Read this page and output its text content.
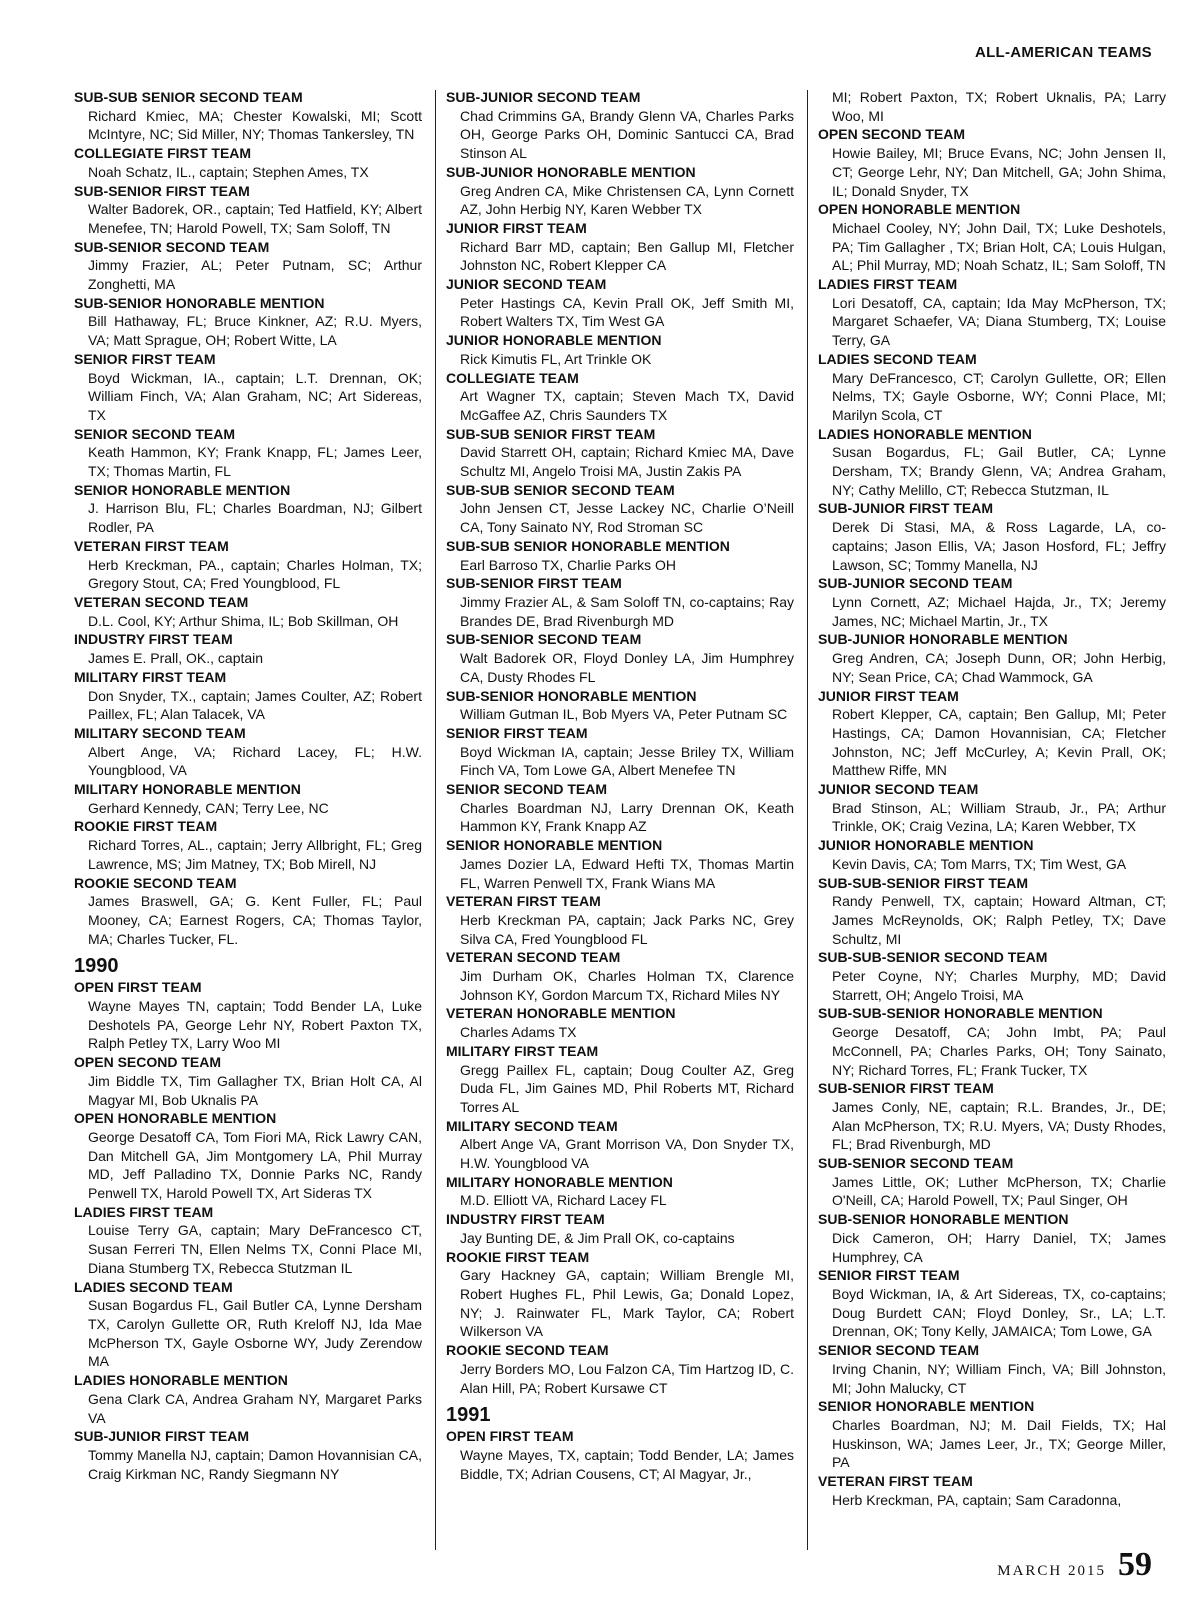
ALL-AMERICAN TEAMS
SUB-SUB SENIOR SECOND TEAM
Richard Kmiec, MA; Chester Kowalski, MI; Scott McIntyre, NC; Sid Miller, NY; Thomas Tankersley, TN
COLLEGIATE FIRST TEAM
Noah Schatz, IL., captain; Stephen Ames, TX
SUB-SENIOR FIRST TEAM
Walter Badorek, OR., captain; Ted Hatfield, KY; Albert Menefee, TN; Harold Powell, TX; Sam Soloff, TN
SUB-SENIOR SECOND TEAM
Jimmy Frazier, AL; Peter Putnam, SC; Arthur Zonghetti, MA
SUB-SENIOR HONORABLE MENTION
Bill Hathaway, FL; Bruce Kinkner, AZ; R.U. Myers, VA; Matt Sprague, OH; Robert Witte, LA
SENIOR FIRST TEAM
Boyd Wickman, IA., captain; L.T. Drennan, OK; William Finch, VA; Alan Graham, NC; Art Sidereas, TX
SENIOR SECOND TEAM
Keath Hammon, KY; Frank Knapp, FL; James Leer, TX; Thomas Martin, FL
SENIOR HONORABLE MENTION
J. Harrison Blu, FL; Charles Boardman, NJ; Gilbert Rodler, PA
VETERAN FIRST TEAM
Herb Kreckman, PA., captain; Charles Holman, TX; Gregory Stout, CA; Fred Youngblood, FL
VETERAN SECOND TEAM
D.L. Cool, KY; Arthur Shima, IL; Bob Skillman, OH
INDUSTRY FIRST TEAM
James E. Prall, OK., captain
MILITARY FIRST TEAM
Don Snyder, TX., captain; James Coulter, AZ; Robert Paillex, FL; Alan Talacek, VA
MILITARY SECOND TEAM
Albert Ange, VA; Richard Lacey, FL; H.W. Youngblood, VA
MILITARY HONORABLE MENTION
Gerhard Kennedy, CAN; Terry Lee, NC
ROOKIE FIRST TEAM
Richard Torres, AL., captain; Jerry Allbright, FL; Greg Lawrence, MS; Jim Matney, TX; Bob Mirell, NJ
ROOKIE SECOND TEAM
James Braswell, GA; G. Kent Fuller, FL; Paul Mooney, CA; Earnest Rogers, CA; Thomas Taylor, MA; Charles Tucker, FL.
1990
OPEN FIRST TEAM
Wayne Mayes TN, captain; Todd Bender LA, Luke Deshotels PA, George Lehr NY, Robert Paxton TX, Ralph Petley TX, Larry Woo MI
OPEN SECOND TEAM
Jim Biddle TX, Tim Gallagher TX, Brian Holt CA, Al Magyar MI, Bob Uknalis PA
OPEN HONORABLE MENTION
George Desatoff CA, Tom Fiori MA, Rick Lawry CAN, Dan Mitchell GA, Jim Montgomery LA, Phil Murray MD, Jeff Palladino TX, Donnie Parks NC, Randy Penwell TX, Harold Powell TX, Art Sideras TX
LADIES FIRST TEAM
Louise Terry GA, captain; Mary DeFrancesco CT, Susan Ferreri TN, Ellen Nelms TX, Conni Place MI, Diana Stumberg TX, Rebecca Stutzman IL
LADIES SECOND TEAM
Susan Bogardus FL, Gail Butler CA, Lynne Dersham TX, Carolyn Gullette OR, Ruth Kreloff NJ, Ida Mae McPherson TX, Gayle Osborne WY, Judy Zerendow MA
LADIES HONORABLE MENTION
Gena Clark CA, Andrea Graham NY, Margaret Parks VA
SUB-JUNIOR FIRST TEAM
Tommy Manella NJ, captain; Damon Hovannisian CA, Craig Kirkman NC, Randy Siegmann NY
SUB-JUNIOR SECOND TEAM
Chad Crimmins GA, Brandy Glenn VA, Charles Parks OH, George Parks OH, Dominic Santucci CA, Brad Stinson AL
SUB-JUNIOR HONORABLE MENTION
Greg Andren CA, Mike Christensen CA, Lynn Cornett AZ, John Herbig NY, Karen Webber TX
JUNIOR FIRST TEAM
Richard Barr MD, captain; Ben Gallup MI, Fletcher Johnston NC, Robert Klepper CA
JUNIOR SECOND TEAM
Peter Hastings CA, Kevin Prall OK, Jeff Smith MI, Robert Walters TX, Tim West GA
JUNIOR HONORABLE MENTION
Rick Kimutis FL, Art Trinkle OK
COLLEGIATE TEAM
Art Wagner TX, captain; Steven Mach TX, David McGaffee AZ, Chris Saunders TX
SUB-SUB SENIOR FIRST TEAM
David Starrett OH, captain; Richard Kmiec MA, Dave Schultz MI, Angelo Troisi MA, Justin Zakis PA
SUB-SUB SENIOR SECOND TEAM
John Jensen CT, Jesse Lackey NC, Charlie O’Neill CA, Tony Sainato NY, Rod Stroman SC
SUB-SUB SENIOR HONORABLE MENTION
Earl Barroso TX, Charlie Parks OH
SUB-SENIOR FIRST TEAM
Jimmy Frazier AL, & Sam Soloff TN, co-captains; Ray Brandes DE, Brad Rivenburgh MD
SUB-SENIOR SECOND TEAM
Walt Badorek OR, Floyd Donley LA, Jim Humphrey CA, Dusty Rhodes FL
SUB-SENIOR HONORABLE MENTION
William Gutman IL, Bob Myers VA, Peter Putnam SC
SENIOR FIRST TEAM
Boyd Wickman IA, captain; Jesse Briley TX, William Finch VA, Tom Lowe GA, Albert Menefee TN
SENIOR SECOND TEAM
Charles Boardman NJ, Larry Drennan OK, Keath Hammon KY, Frank Knapp AZ
SENIOR HONORABLE MENTION
James Dozier LA, Edward Hefti TX, Thomas Martin FL, Warren Penwell TX, Frank Wians MA
VETERAN FIRST TEAM
Herb Kreckman PA, captain; Jack Parks NC, Grey Silva CA, Fred Youngblood FL
VETERAN SECOND TEAM
Jim Durham OK, Charles Holman TX, Clarence Johnson KY, Gordon Marcum TX, Richard Miles NY
VETERAN HONORABLE MENTION
Charles Adams TX
MILITARY FIRST TEAM
Gregg Paillex FL, captain; Doug Coulter AZ, Greg Duda FL, Jim Gaines MD, Phil Roberts MT, Richard Torres AL
MILITARY SECOND TEAM
Albert Ange VA, Grant Morrison VA, Don Snyder TX, H.W. Youngblood VA
MILITARY HONORABLE MENTION
M.D. Elliott VA, Richard Lacey FL
INDUSTRY FIRST TEAM
Jay Bunting DE, & Jim Prall OK, co-captains
ROOKIE FIRST TEAM
Gary Hackney GA, captain; William Brengle MI, Robert Hughes FL, Phil Lewis, Ga; Donald Lopez, NY; J. Rainwater FL, Mark Taylor, CA; Robert Wilkerson VA
ROOKIE SECOND TEAM
Jerry Borders MO, Lou Falzon CA, Tim Hartzog ID, C. Alan Hill, PA; Robert Kursawe CT
1991
OPEN FIRST TEAM
Wayne Mayes, TX, captain; Todd Bender, LA; James Biddle, TX; Adrian Cousens, CT; Al Magyar, Jr.,
MI; Robert Paxton, TX; Robert Uknalis, PA; Larry Woo, MI
OPEN SECOND TEAM
Howie Bailey, MI; Bruce Evans, NC; John Jensen II, CT; George Lehr, NY; Dan Mitchell, GA; John Shima, IL; Donald Snyder, TX
OPEN HONORABLE MENTION
Michael Cooley, NY; John Dail, TX; Luke Deshotels, PA; Tim Gallagher , TX; Brian Holt, CA; Louis Hulgan, AL; Phil Murray, MD; Noah Schatz, IL; Sam Soloff, TN
LADIES FIRST TEAM
Lori Desatoff, CA, captain; Ida May McPherson, TX; Margaret Schaefer, VA; Diana Stumberg, TX; Louise Terry, GA
LADIES SECOND TEAM
Mary DeFrancesco, CT; Carolyn Gullette, OR; Ellen Nelms, TX; Gayle Osborne, WY; Conni Place, MI; Marilyn Scola, CT
LADIES HONORABLE MENTION
Susan Bogardus, FL; Gail Butler, CA; Lynne Dersham, TX; Brandy Glenn, VA; Andrea Graham, NY; Cathy Melillo, CT; Rebecca Stutzman, IL
SUB-JUNIOR FIRST TEAM
Derek Di Stasi, MA, & Ross Lagarde, LA, co-captains; Jason Ellis, VA; Jason Hosford, FL; Jeffry Lawson, SC; Tommy Manella, NJ
SUB-JUNIOR SECOND TEAM
Lynn Cornett, AZ; Michael Hajda, Jr., TX; Jeremy James, NC; Michael Martin, Jr., TX
SUB-JUNIOR HONORABLE MENTION
Greg Andren, CA; Joseph Dunn, OR; John Herbig, NY; Sean Price, CA; Chad Wammock, GA
JUNIOR FIRST TEAM
Robert Klepper, CA, captain; Ben Gallup, MI; Peter Hastings, CA; Damon Hovannisian, CA; Fletcher Johnston, NC; Jeff McCurley, A; Kevin Prall, OK; Matthew Riffe, MN
JUNIOR SECOND TEAM
Brad Stinson, AL; William Straub, Jr., PA; Arthur Trinkle, OK; Craig Vezina, LA; Karen Webber, TX
JUNIOR HONORABLE MENTION
Kevin Davis, CA; Tom Marrs, TX; Tim West, GA
SUB-SUB-SENIOR FIRST TEAM
Randy Penwell, TX, captain; Howard Altman, CT; James McReynolds, OK; Ralph Petley, TX; Dave Schultz, MI
SUB-SUB-SENIOR SECOND TEAM
Peter Coyne, NY; Charles Murphy, MD; David Starrett, OH; Angelo Troisi, MA
SUB-SUB-SENIOR HONORABLE MENTION
George Desatoff, CA; John Imbt, PA; Paul McConnell, PA; Charles Parks, OH; Tony Sainato, NY; Richard Torres, FL; Frank Tucker, TX
SUB-SENIOR FIRST TEAM
James Conly, NE, captain; R.L. Brandes, Jr., DE; Alan McPherson, TX; R.U. Myers, VA; Dusty Rhodes, FL; Brad Rivenburgh, MD
SUB-SENIOR SECOND TEAM
James Little, OK; Luther McPherson, TX; Charlie O'Neill, CA; Harold Powell, TX; Paul Singer, OH
SUB-SENIOR HONORABLE MENTION
Dick Cameron, OH; Harry Daniel, TX; James Humphrey, CA
SENIOR FIRST TEAM
Boyd Wickman, IA, & Art Sidereas, TX, co-captains; Doug Burdett CAN; Floyd Donley, Sr., LA; L.T. Drennan, OK; Tony Kelly, JAMAICA; Tom Lowe, GA
SENIOR SECOND TEAM
Irving Chanin, NY; William Finch, VA; Bill Johnston, MI; John Malucky, CT
SENIOR HONORABLE MENTION
Charles Boardman, NJ; M. Dail Fields, TX; Hal Huskinson, WA; James Leer, Jr., TX; George Miller, PA
VETERAN FIRST TEAM
Herb Kreckman, PA, captain; Sam Caradonna,
MARCH 2015 59
